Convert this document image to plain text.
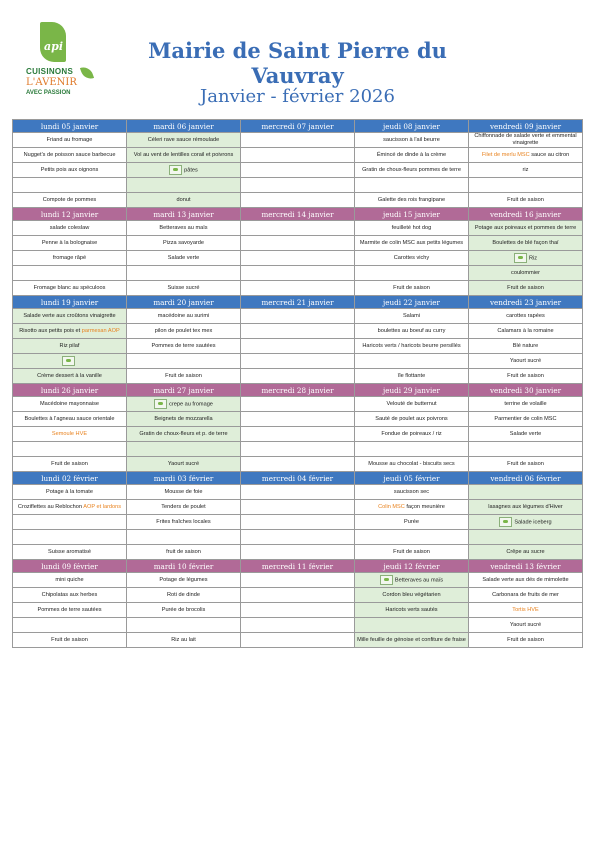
api
CUISINONS
L'AVENIR
AVEC PASSION
Mairie de Saint Pierre du Vauvray
Janvier - février 2026
lundi 05 janvier	mardi 06 janvier	mercredi 07 janvier	jeudi 08 janvier	vendredi 09 janvier
Friand au fromage	Céleri rave sauce rémoulade		saucisson à l'ail beurre	Chiffonnade de salade verte et emmental vinaigrette
Nugget's de poisson sauce barbecue	Vol au vent de lentilles corail et poivrons		Émincé de dinde à la crème	Filet de merlu MSC sauce au citron
Petits pois aux oignons	pâtes		Gratin de choux-fleurs pommes de terre	riz

Compote de pommes	donut		Galette des rois frangipane	Fruit de saison
lundi 12 janvier	mardi 13 janvier	mercredi 14 janvier	jeudi 15 janvier	vendredi 16 janvier
salade coleslaw	Betteraves au maïs		feuilleté hot dog	Potage aux poireaux et pommes de terre
Penne à la bolognaise	Pizza savoyarde		Marmite de colin MSC aux petits légumes	Boulettes de blé façon thaï
fromage râpé	Salade verte		Carottes vichy	Riz
				coulommier
Fromage blanc au spéculoos	Suisse sucré		Fruit de saison	Fruit de saison
lundi 19 janvier	mardi 20 janvier	mercredi 21 janvier	jeudi 22 janvier	vendredi 23 janvier
Salade verte aux croûtons vinaigrette	macédoine au surimi		Salami	carottes rapées
Risotto aux petits pois et parmesan AOP	pilon de poulet tex mex		boulettes au boeuf au curry	Calamars à la romaine
Riz pilaf	Pommes de terre sautées		Haricots verts / haricots beurre persillés	Blé nature

				Yaourt sucré
Crème dessert à la vanille	Fruit de saison		île flottante	Fruit de saison
lundi 26 janvier	mardi 27 janvier	mercredi 28 janvier	jeudi 29 janvier	vendredi 30 janvier
Macédoine mayonnaise	crepe au fromage		Velouté de butternut	terrine de volaille
Boulettes à l'agneau sauce orientale	Beignets de mozzarella		Sauté de poulet aux poivrons	Parmentier de colin MSC
Semoule HVE	Gratin de choux-fleurs et p. de terre		Fondue de poireaux / riz	Salade verte

Fruit de saison	Yaourt sucré		Mousse au chocolat - biscuits secs	Fruit de saison
lundi 02 février	mardi 03 février	mercredi 04 février	jeudi 05 février	vendredi 06 février
Potage à la tomate	Mousse de foie		saucisson sec	
Croziflettes au Reblochon AOP et lardons	Tenders de poulet		Colin MSC façon meunière	lasagnes aux légumes d'Hiver
	Frites fraîches locales		Purée	Salade iceberg

Suisse aromatisé	fruit de saison		Fruit de saison	Crêpe au sucre
lundi 09 février	mardi 10 février	mercredi 11 février	jeudi 12 février	vendredi 13 février
mini quiche	Potage de légumes		Betteraves au maïs	Salade verte aux dés de mimolette
Chipolatas aux herbes	Roti de dinde		Cordon bleu végétarien	Carbonara de fruits de mer
Pommes de terre sautées	Purée de brocolis		Haricots verts sautés	Tortis HVE
				Yaourt sucré
Fruit de saison	Riz au lait		Mille feuille de génoise et confiture de fraise	Fruit de saison
